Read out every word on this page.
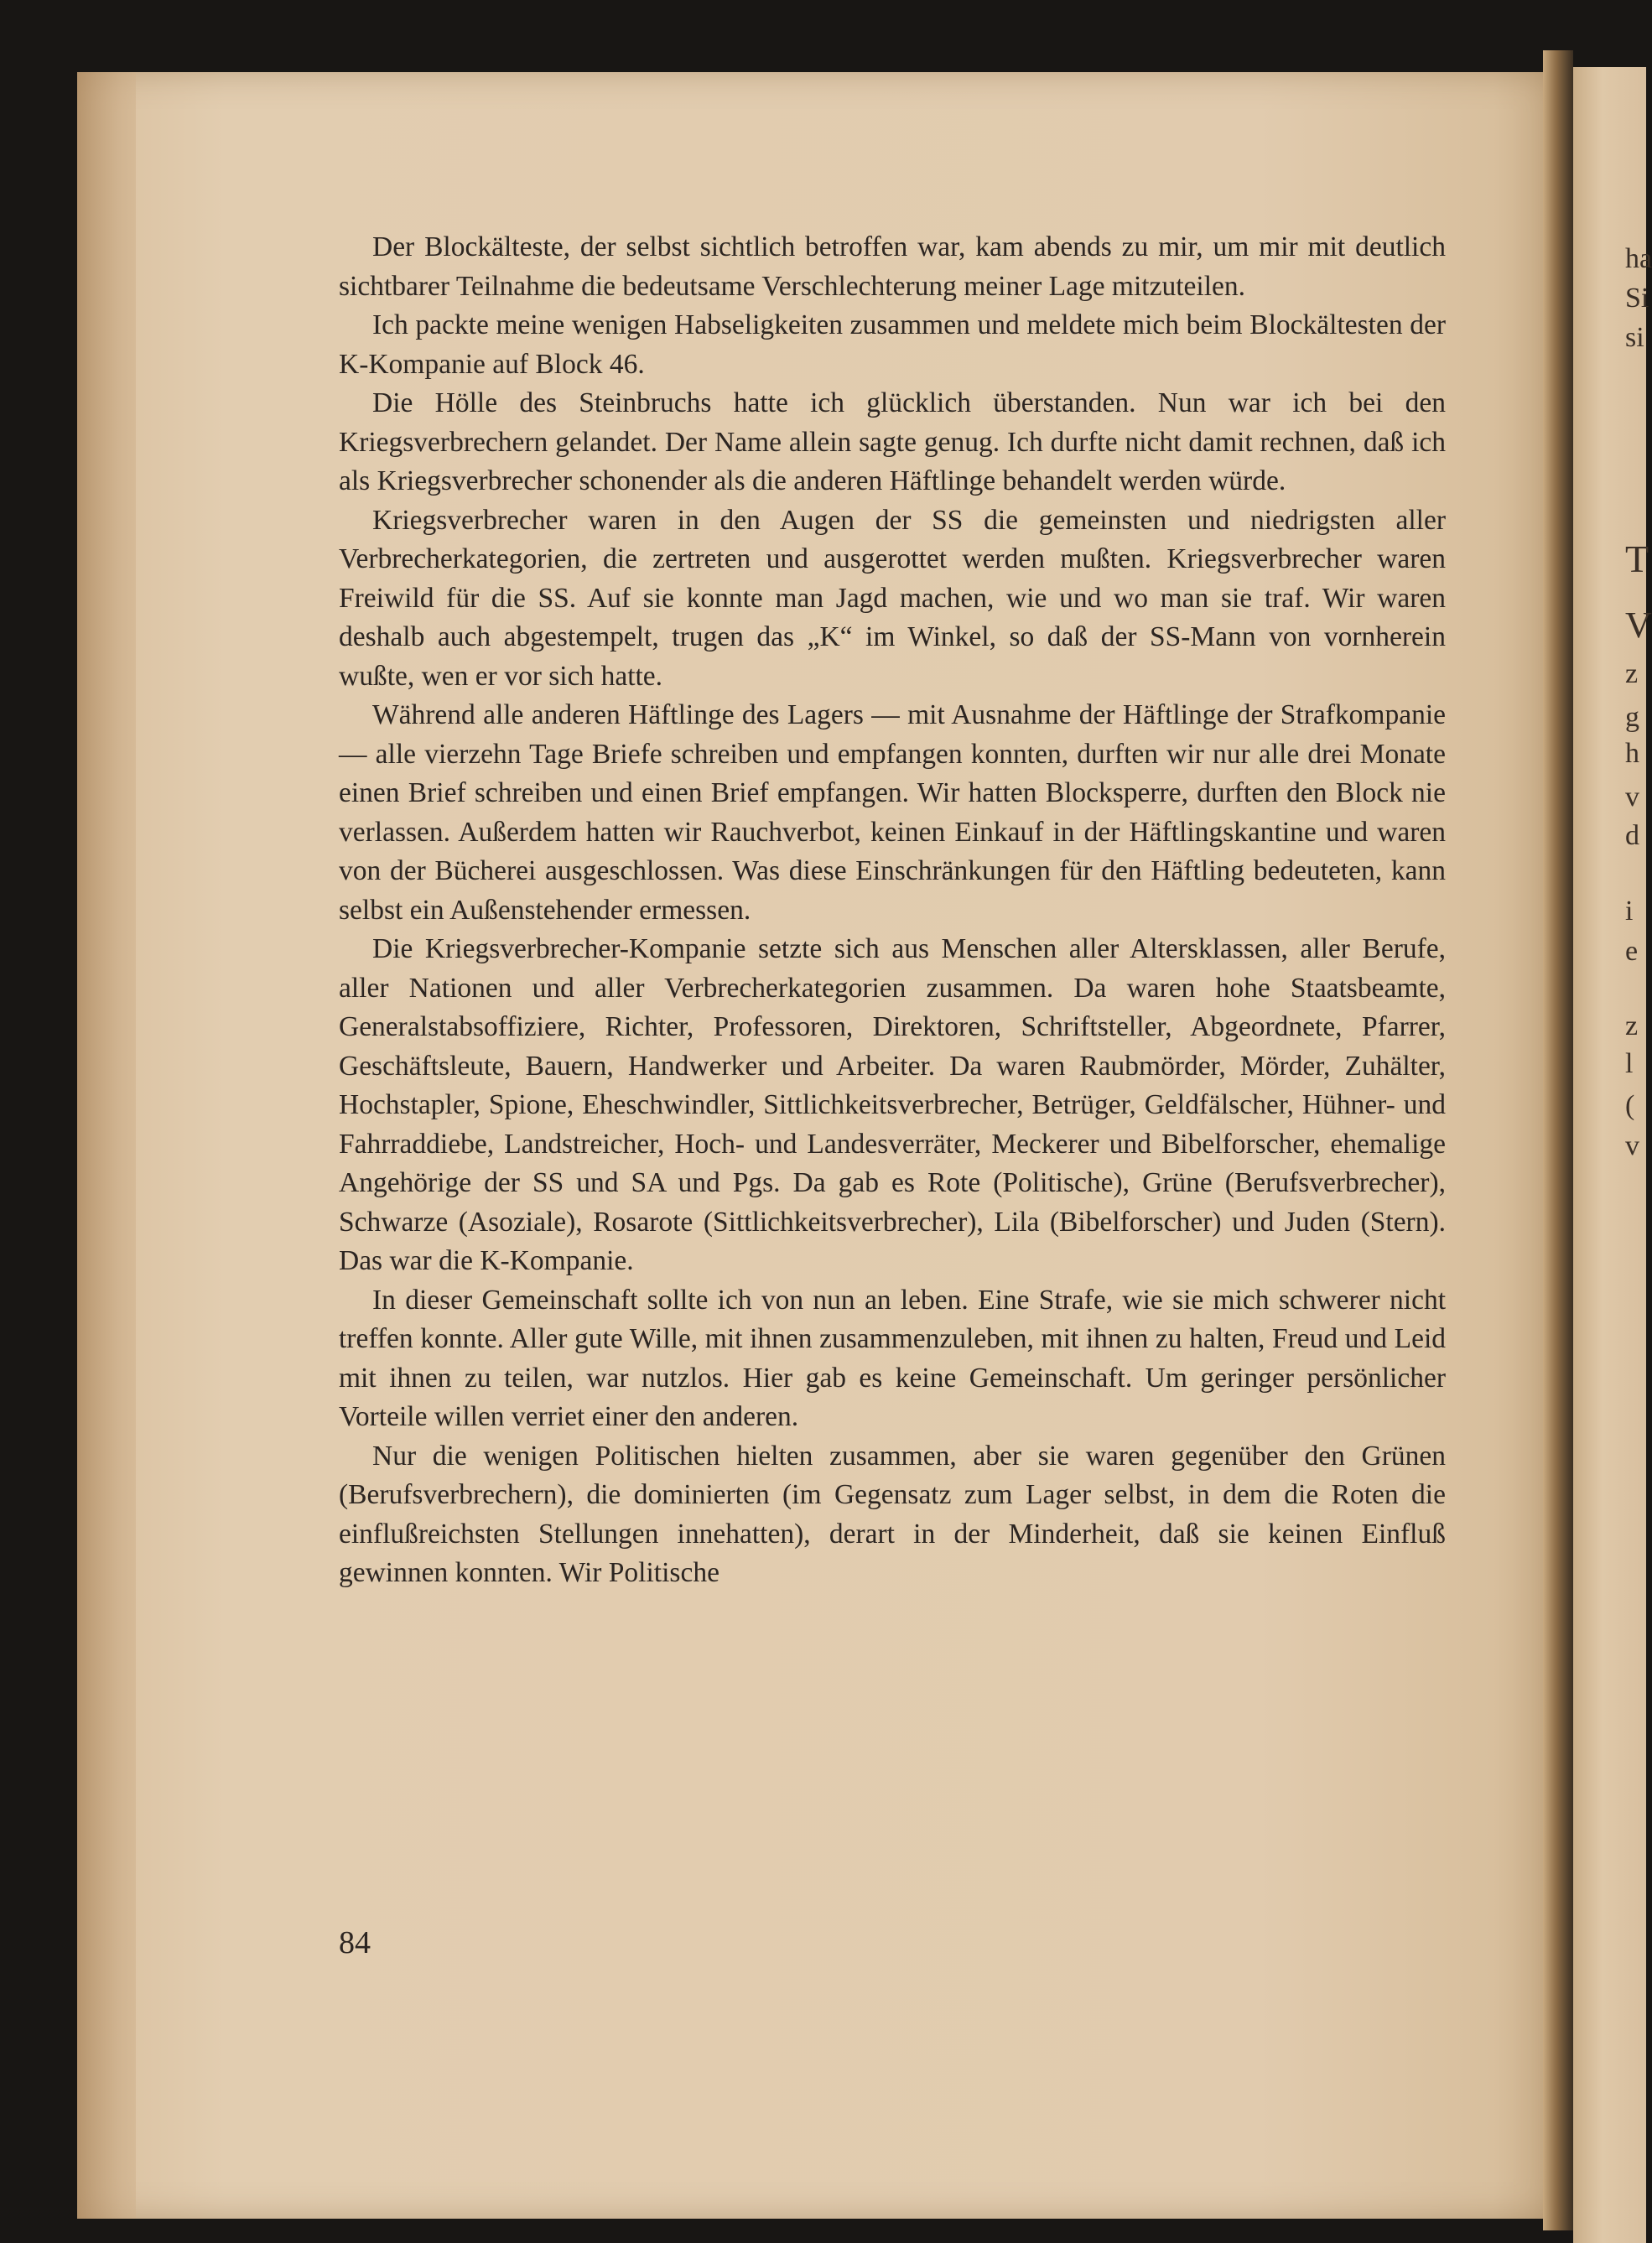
ha
Si
si
T
V
z
g
h
v
d
i
e
z
l
(
v

Der Blockälteste, der selbst sichtlich betroffen war, kam abends zu mir, um mir mit deutlich sichtbarer Teilnahme die bedeutsame Verschlechterung meiner Lage mitzuteilen.

Ich packte meine wenigen Habseligkeiten zusammen und meldete mich beim Blockältesten der K-Kompanie auf Block 46.

Die Hölle des Steinbruchs hatte ich glücklich überstanden. Nun war ich bei den Kriegsverbrechern gelandet. Der Name allein sagte genug. Ich durfte nicht damit rechnen, daß ich als Kriegsverbrecher schonender als die anderen Häftlinge behandelt werden würde.

Kriegsverbrecher waren in den Augen der SS die gemeinsten und niedrigsten aller Verbrecherkategorien, die zertreten und ausgerottet werden mußten. Kriegsverbrecher waren Freiwild für die SS. Auf sie konnte man Jagd machen, wie und wo man sie traf. Wir waren deshalb auch abgestempelt, trugen das „K“ im Winkel, so daß der SS-Mann von vornherein wußte, wen er vor sich hatte.

Während alle anderen Häftlinge des Lagers — mit Ausnahme der Häftlinge der Strafkompanie — alle vierzehn Tage Briefe schreiben und empfangen konnten, durften wir nur alle drei Monate einen Brief schreiben und einen Brief empfangen. Wir hatten Blocksperre, durften den Block nie verlassen. Außerdem hatten wir Rauchverbot, keinen Einkauf in der Häftlingskantine und waren von der Bücherei ausgeschlossen. Was diese Einschränkungen für den Häftling bedeuteten, kann selbst ein Außenstehender ermessen.

Die Kriegsverbrecher-Kompanie setzte sich aus Menschen aller Altersklassen, aller Berufe, aller Nationen und aller Verbrecherkategorien zusammen. Da waren hohe Staatsbeamte, Generalstabsoffiziere, Richter, Professoren, Direktoren, Schriftsteller, Abgeordnete, Pfarrer, Geschäftsleute, Bauern, Handwerker und Arbeiter. Da waren Raubmörder, Mörder, Zuhälter, Hochstapler, Spione, Eheschwindler, Sittlichkeitsverbrecher, Betrüger, Geldfälscher, Hühner- und Fahrraddiebe, Landstreicher, Hoch- und Landesverräter, Meckerer und Bibelforscher, ehemalige Angehörige der SS und SA und Pgs. Da gab es Rote (Politische), Grüne (Berufsverbrecher), Schwarze (Asoziale), Rosarote (Sittlichkeitsverbrecher), Lila (Bibelforscher) und Juden (Stern). Das war die K-Kompanie.

In dieser Gemeinschaft sollte ich von nun an leben. Eine Strafe, wie sie mich schwerer nicht treffen konnte. Aller gute Wille, mit ihnen zusammenzuleben, mit ihnen zu halten, Freud und Leid mit ihnen zu teilen, war nutzlos. Hier gab es keine Gemeinschaft. Um geringer persönlicher Vorteile willen verriet einer den anderen.

Nur die wenigen Politischen hielten zusammen, aber sie waren gegenüber den Grünen (Berufsverbrechern), die dominierten (im Gegensatz zum Lager selbst, in dem die Roten die einflußreichsten Stellungen innehatten), derart in der Minderheit, daß sie keinen Einfluß gewinnen konnten. Wir Politische

84
